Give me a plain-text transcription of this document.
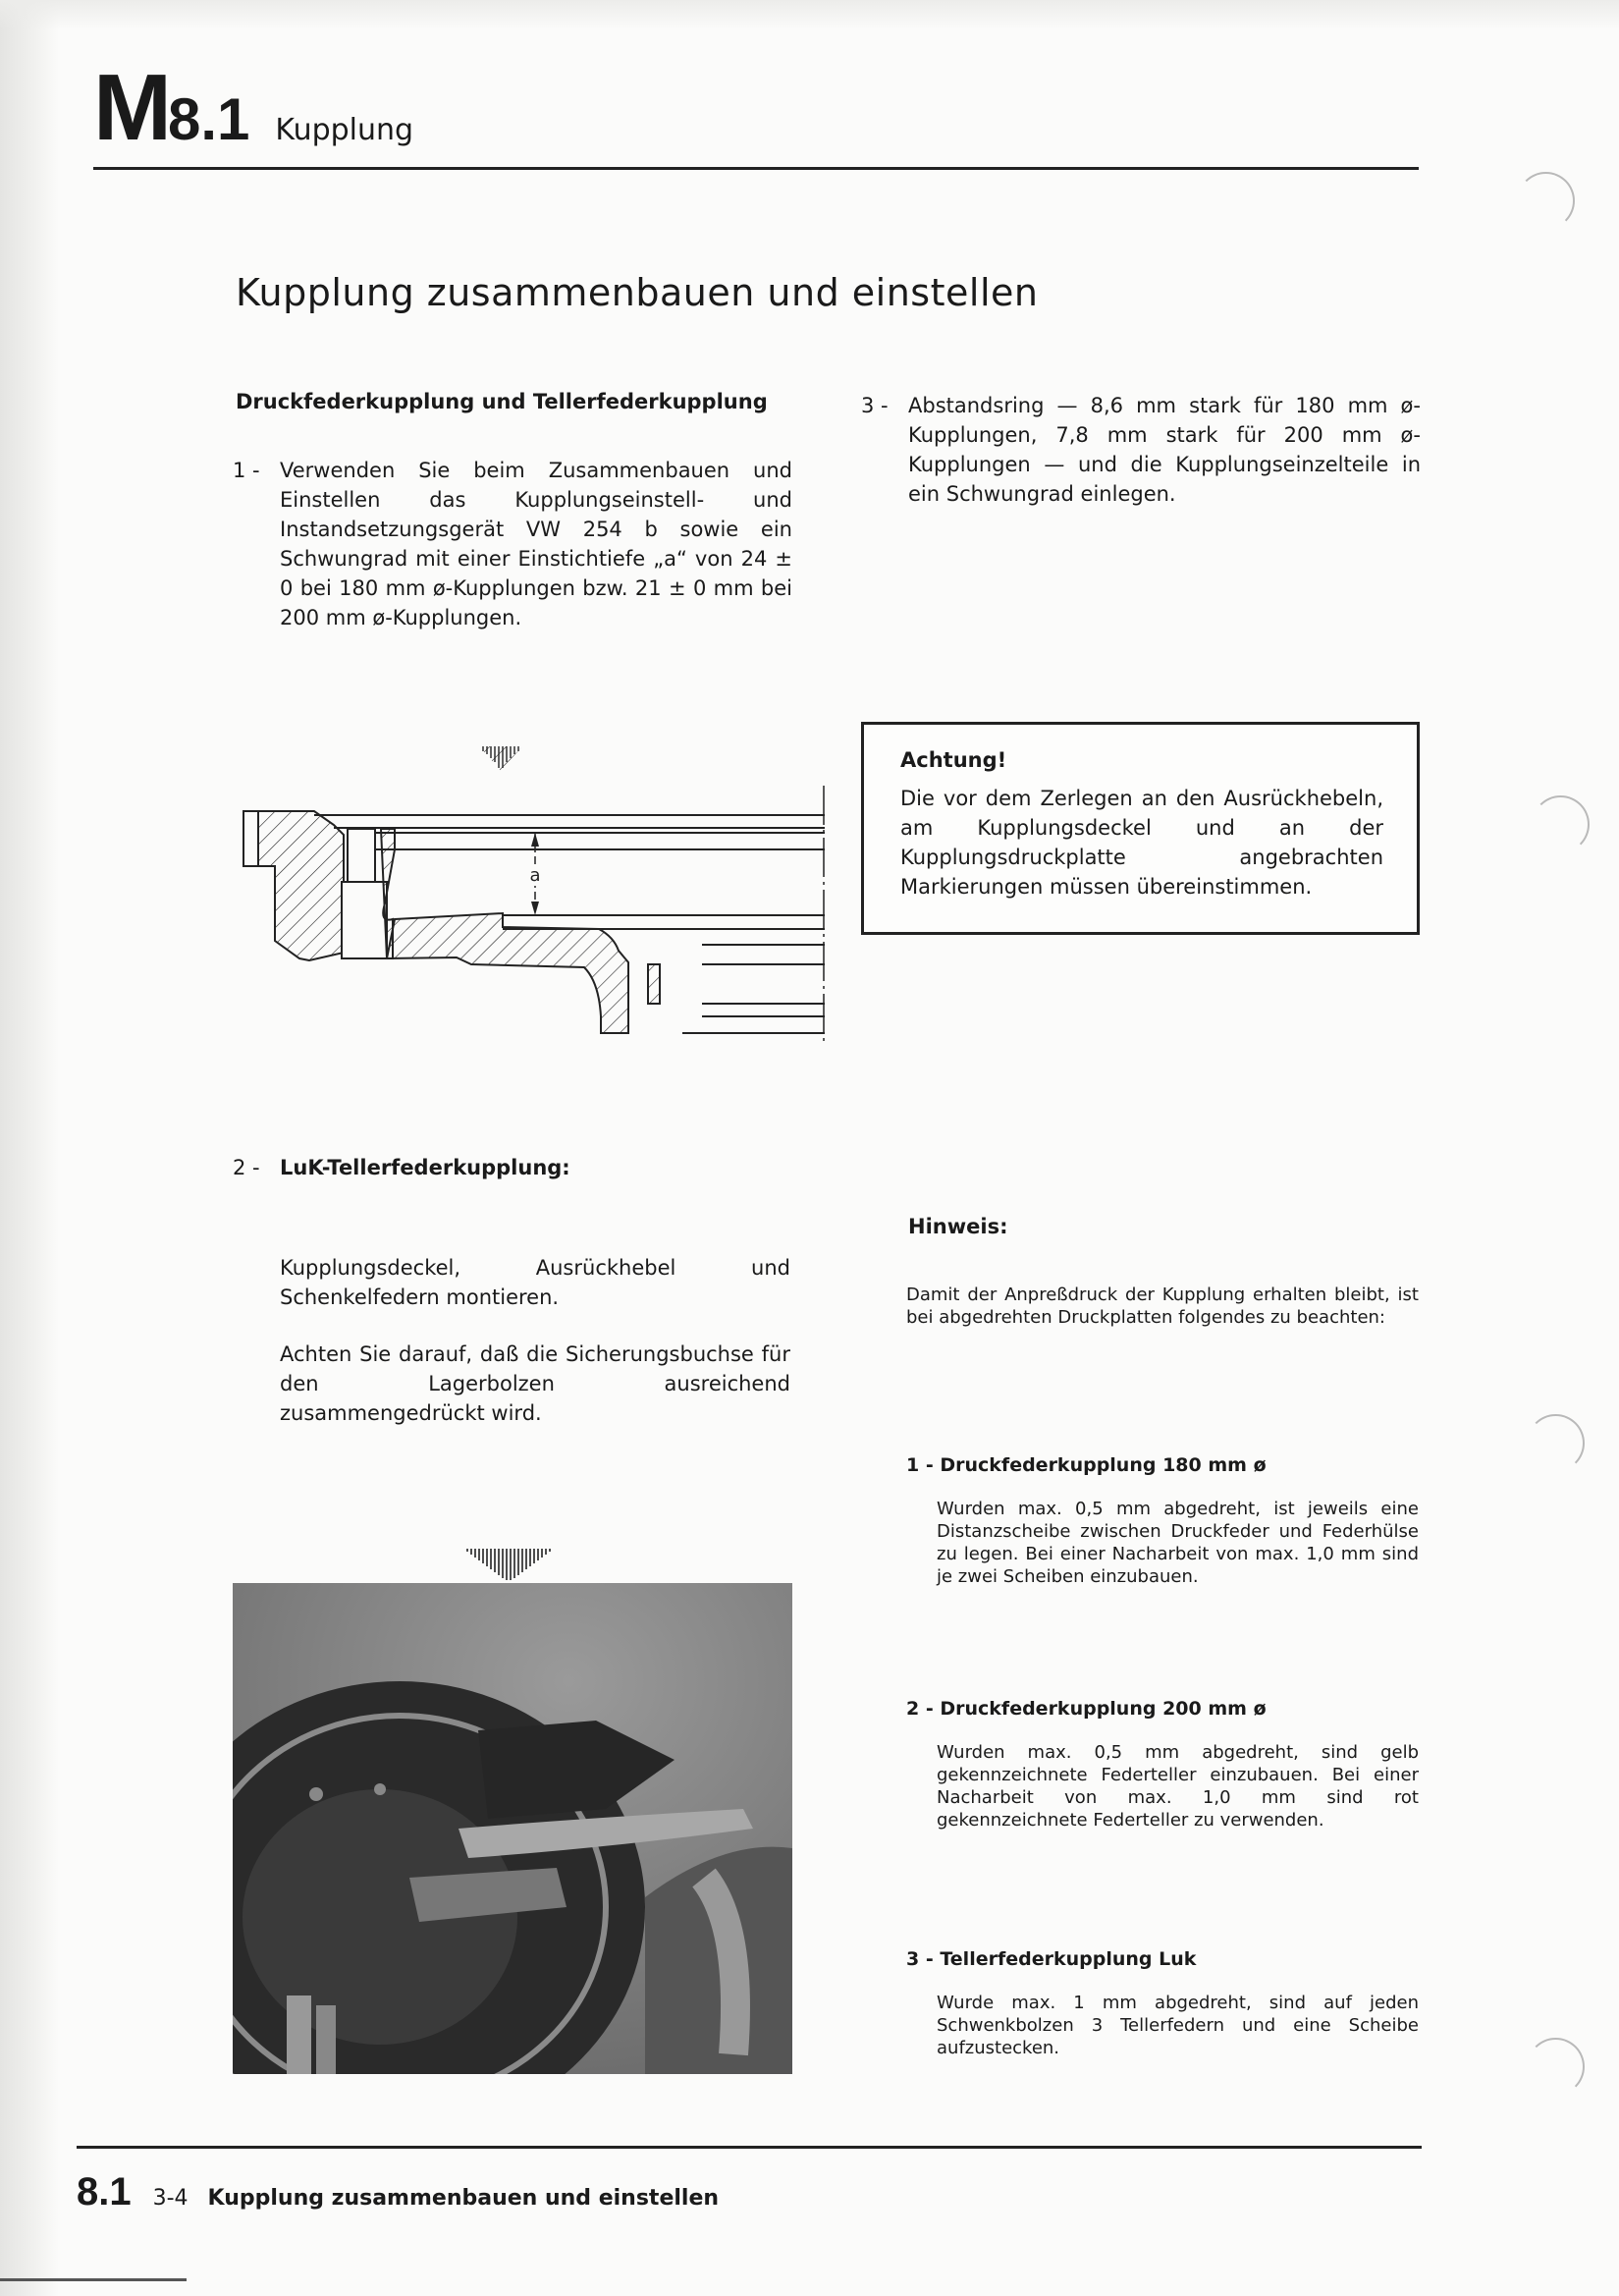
M 8.1 Kupplung
Kupplung zusammenbauen und einstellen
Druckfederkupplung und Tellerfederkupplung
1 - Verwenden Sie beim Zusammenbauen und Einstellen das Kupplungseinstell- und Instandsetzungsgerät VW 254 b sowie ein Schwungrad mit einer Einstichtiefe „a“ von 24 ± 0 bei 180 mm ø-Kupplungen bzw. 21 ± 0 mm bei 200 mm ø-Kupplungen.
3 - Abstandsring — 8,6 mm stark für 180 mm ø-Kupplungen, 7,8 mm stark für 200 mm ø-Kupplungen — und die Kupplungseinzelteile in ein Schwungrad einlegen.
a
Achtung!
Die vor dem Zerlegen an den Ausrückhebeln, am Kupplungsdeckel und an der Kupplungsdruckplatte angebrachten Markierungen müssen übereinstimmen.
2 - LuK-Tellerfederkupplung:
Kupplungsdeckel, Ausrückhebel und Schenkelfedern montieren.
Achten Sie darauf, daß die Sicherungsbuchse für den Lagerbolzen ausreichend zusammengedrückt wird.
Hinweis:
Damit der Anpreßdruck der Kupplung erhalten bleibt, ist bei abgedrehten Druckplatten folgendes zu beachten:
1 - Druckfederkupplung 180 mm ø
Wurden max. 0,5 mm abgedreht, ist jeweils eine Distanzscheibe zwischen Druckfeder und Federhülse zu legen. Bei einer Nacharbeit von max. 1,0 mm sind je zwei Scheiben einzubauen.
2 - Druckfederkupplung 200 mm ø
Wurden max. 0,5 mm abgedreht, sind gelb gekennzeichnete Federteller einzubauen. Bei einer Nacharbeit von max. 1,0 mm sind rot gekennzeichnete Federteller zu verwenden.
3 - Tellerfederkupplung Luk
Wurde max. 1 mm abgedreht, sind auf jeden Schwenkbolzen 3 Tellerfedern und eine Scheibe aufzustecken.
8.1 3-4 Kupplung zusammenbauen und einstellen
